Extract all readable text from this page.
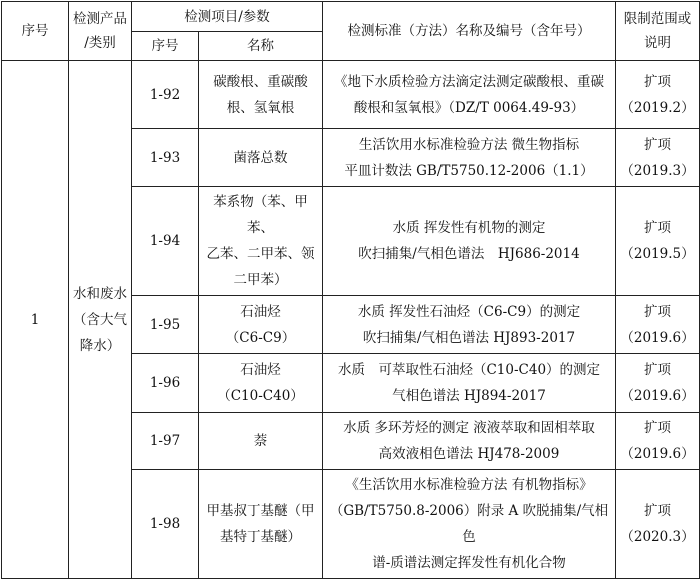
序号	检测产品
/类别	检测项目/参数		检测标准（方法）名称及编号（含年号）	限制范围或
说明

		序号	名称		
1	水和废水
（含大气
降水）	1-92	碳酸根、重碳酸
根、氢氧根	《地下水质检验方法滴定法测定碳酸根、重碳
酸根和氢氧根》（DZ/T 0064.49-93）	扩项
（2019.2）

		1-93	菌落总数	生活饮用水标准检验方法 微生物指标
平皿计数法 GB/T5750.12-2006（1.1）	扩项
（2019.3）

		1-94	苯系物（苯、甲苯、
乙苯、二甲苯、领
二甲苯）	水质 挥发性有机物的测定
吹扫捕集/气相色谱法　HJ686-2014	扩项
（2019.5）

		1-95	石油烃
（C6-C9）	水质 挥发性石油烃（C6-C9）的测定
吹扫捕集/气相色谱法 HJ893-2017	扩项
（2019.6）

		1-96	石油烃
（C10-C40）	水质　可萃取性石油烃（C10-C40）的测定
气相色谱法 HJ894-2017	扩项
（2019.6）

		1-97	萘	水质 多环芳烃的测定 液液萃取和固相萃取
高效液相色谱法 HJ478-2009	扩项
（2019.6）

		1-98	甲基叔丁基醚（甲
基特丁基醚）	《生活饮用水标准检验方法 有机物指标》
（GB/T5750.8-2006）附录 A 吹脱捕集/气相色
谱-质谱法测定挥发性有机化合物	扩项
（2020.3）
